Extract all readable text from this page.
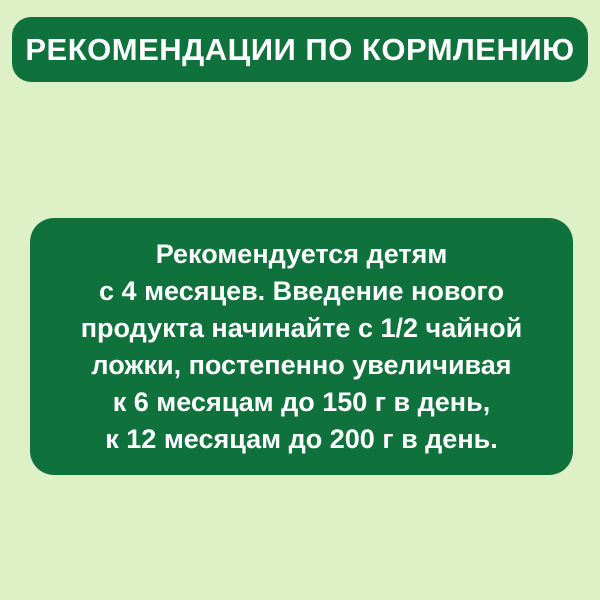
РЕКОМЕНДАЦИИ ПО КОРМЛЕНИЮ
Рекомендуется детям
с 4 месяцев. Введение нового
продукта начинайте с 1/2 чайной
ложки, постепенно увеличивая
к 6 месяцам до 150 г в день,
к 12 месяцам до 200 г в день.
